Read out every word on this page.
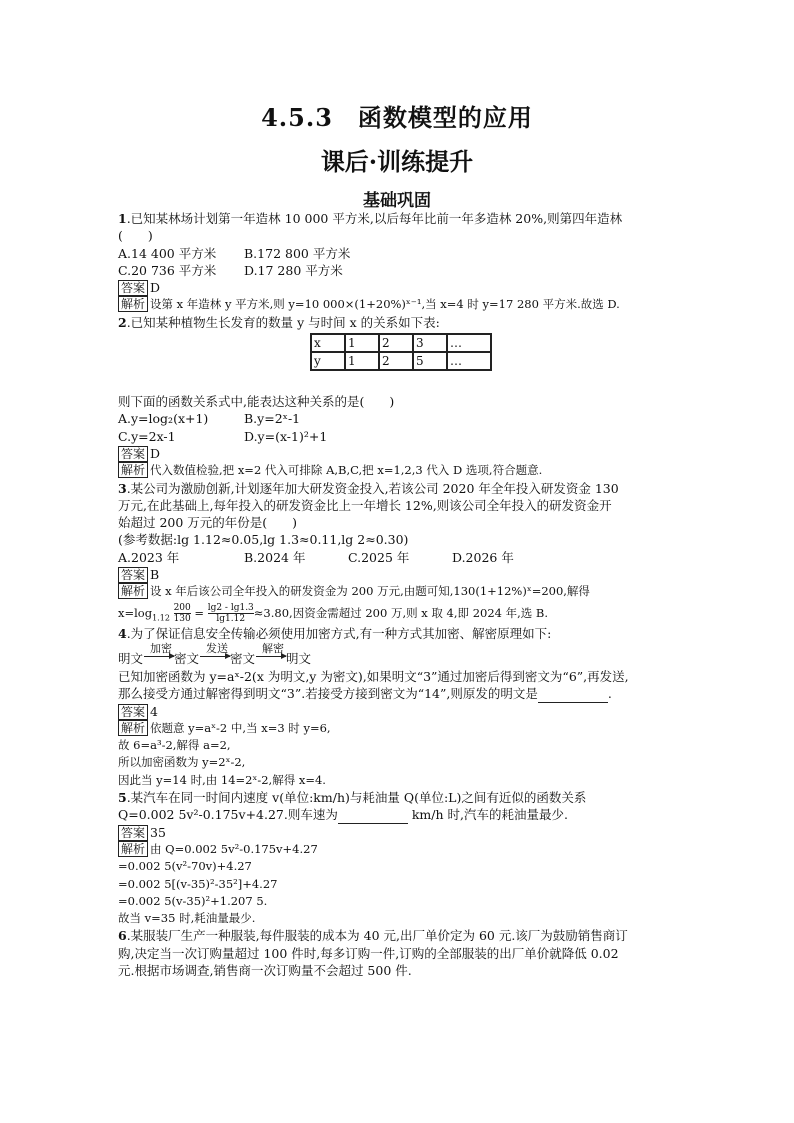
4.5.3　函数模型的应用
课后·训练提升
基础巩固
1.已知某林场计划第一年造林 10 000 平方米,以后每年比前一年多造林 20%,则第四年造林
(　　)
A.14 400 平方米 B.172 800 平方米
C.20 736 平方米 D.17 280 平方米
答案 D
解析 设第 x 年造林 y 平方米,则 y=10 000×(1+20%)ˣ⁻¹,当 x=4 时 y=17 280 平方米.故选 D.
2.已知某种植物生长发育的数量 y 与时间 x 的关系如下表:
x	1	2	3	…
y	1	2	5	…
则下面的函数关系式中,能表达这种关系的是(　　)
A.y=log₂(x+1)	B.y=2ˣ-1
C.y=2x-1	D.y=(x-1)²+1
答案 D
解析 代入数值检验,把 x=2 代入可排除 A,B,C,把 x=1,2,3 代入 D 选项,符合题意.
3.某公司为激励创新,计划逐年加大研发资金投入,若该公司 2020 年全年投入研发资金 130
万元,在此基础上,每年投入的研发资金比上一年增长 12%,则该公司全年投入的研发资金开
始超过 200 万元的年份是(　　)
(参考数据:lg 1.12≈0.05,lg 1.3≈0.11,lg 2≈0.30)
A.2023 年	B.2024 年	C.2025 年	D.2026 年
答案 B
解析 设 x 年后该公司全年投入的研发资金为 200 万元,由题可知,130(1+12%)ˣ=200,解得
$x=\log_{1.12} \frac{200}{130} = \frac{\lg 2 - \lg 1.3}{\lg 1.12} \approx 3.80$,因资金需超过 200 万,则 x 取 4,即 2024 年,选 B.
4.为了保证信息安全传输必须使用加密方式,有一种方式其加密、解密原理如下:
明文
加密
密文
发送
密文
解密
明文
已知加密函数为 y=aˣ-2(x 为明文,y 为密文),如果明文“3”通过加密后得到密文为“6”,再发送,
那么接受方通过解密得到明文“3”.若接受方接到密文为“14”,则原发的明文是	.
答案 4
解析 依题意 y=aˣ-2 中,当 x=3 时 y=6,
故 6=a³-2,解得 a=2,
所以加密函数为 y=2ˣ-2,
因此当 y=14 时,由 14=2ˣ-2,解得 x=4.
5.某汽车在同一时间内速度 v(单位:km/h)与耗油量 Q(单位:L)之间有近似的函数关系
Q=0.002 5v²-0.175v+4.27.则车速为	km/h 时,汽车的耗油量最少.
答案 35
解析 由 Q=0.002 5v²-0.175v+4.27
=0.002 5(v²-70v)+4.27
=0.002 5[(v-35)²-35²]+4.27
=0.002 5(v-35)²+1.207 5.
故当 v=35 时,耗油量最少.
6.某服装厂生产一种服装,每件服装的成本为 40 元,出厂单价定为 60 元.该厂为鼓励销售商订
购,决定当一次订购量超过 100 件时,每多订购一件,订购的全部服装的出厂单价就降低 0.02
元.根据市场调查,销售商一次订购量不会超过 500 件.
